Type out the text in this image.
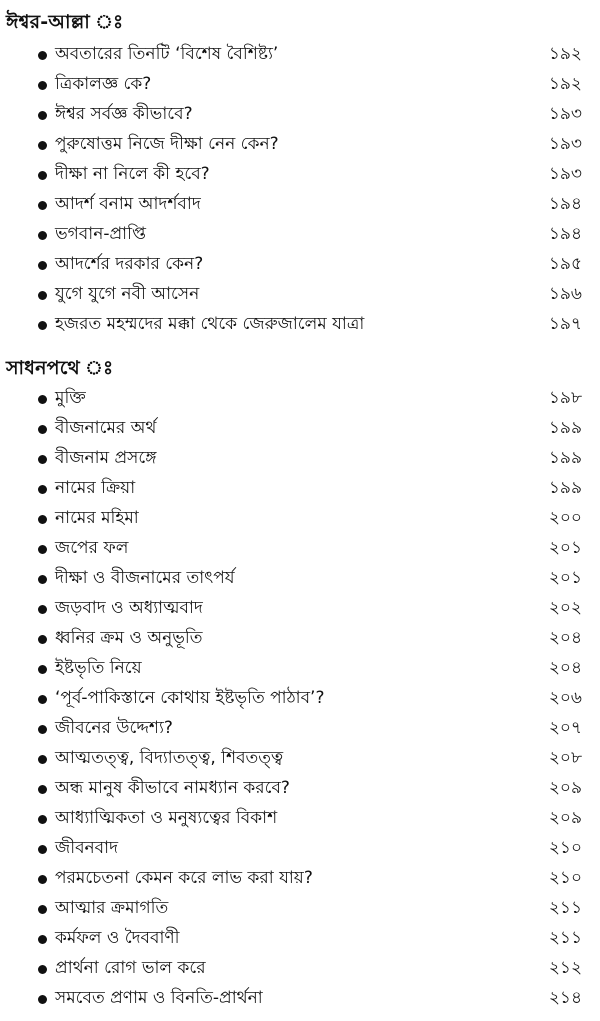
ঈশ্বর-আল্লা ঃ
অবতারের তিনটি ‘বিশেষ বৈশিষ্ট্য’	১৯২
ত্রিকালজ্ঞ কে?	১৯২
ঈশ্বর সর্বজ্ঞ কীভাবে?	১৯৩
পুরুষোত্তম নিজে দীক্ষা নেন কেন?	১৯৩
দীক্ষা না নিলে কী হবে?	১৯৩
আদর্শ বনাম আদর্শবাদ	১৯৪
ভগবান-প্রাপ্তি	১৯৪
আদর্শের দরকার কেন?	১৯৫
যুগে যুগে নবী আসেন	১৯৬
হজরত মহম্মদের মক্কা থেকে জেরুজালেম যাত্রা	১৯৭
সাধনপথে ঃ
মুক্তি	১৯৮
বীজনামের অর্থ	১৯৯
বীজনাম প্রসঙ্গে	১৯৯
নামের ক্রিয়া	১৯৯
নামের মহিমা	২০০
জপের ফল	২০১
দীক্ষা ও বীজনামের তাৎপর্য	২০১
জড়বাদ ও অধ্যাত্মবাদ	২০২
ধ্বনির ক্রম ও অনুভূতি	২০৪
ইষ্টভৃতি নিয়ে	২০৪
‘পূর্ব-পাকিস্তানে কোথায় ইষ্টভৃতি পাঠাব’?	২০৬
জীবনের উদ্দেশ্য?	২০৭
আত্মতত্ত্ব, বিদ্যাতত্ত্ব, শিবতত্ত্ব	২০৮
অন্ধ মানুষ কীভাবে নামধ্যান করবে?	২০৯
আধ্যাত্মিকতা ও মনুষ্যত্বের বিকাশ	২০৯
জীবনবাদ	২১০
পরমচেতনা কেমন করে লাভ করা যায়?	২১০
আত্মার ক্রমাগতি	২১১
কর্মফল ও দৈববাণী	২১১
প্রার্থনা রোগ ভাল করে	২১২
সমবেত প্রণাম ও বিনতি-প্রার্থনা	২১৪
